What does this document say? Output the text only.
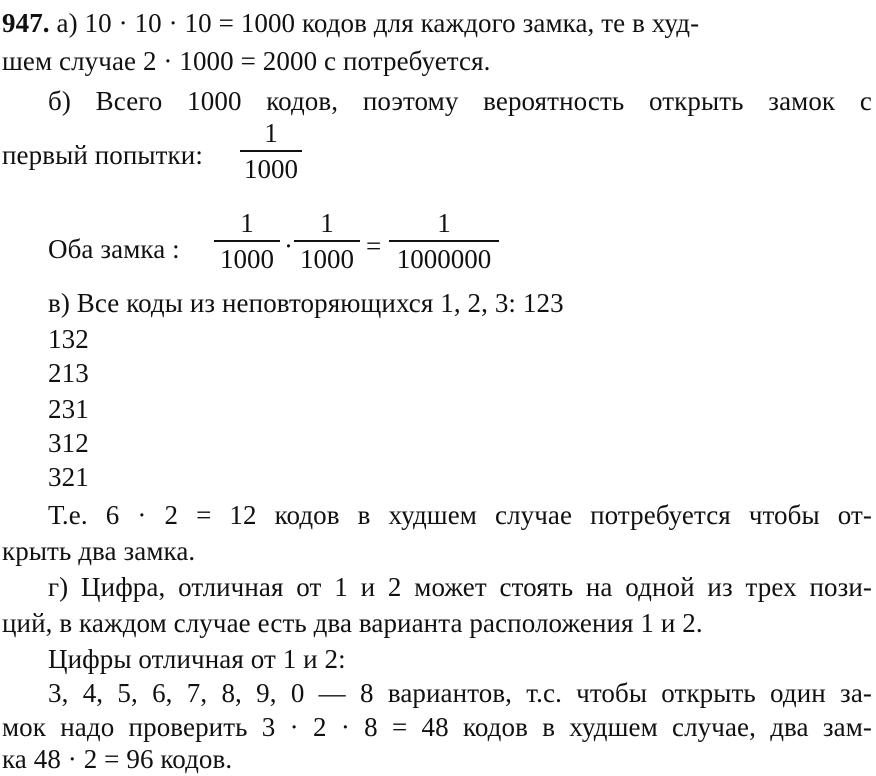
947. а) 10 · 10 · 10 = 1000 кодов для каждого замка, те в худ-
шем случае 2 · 1000 = 2000 с потребуется.
б) Всего 1000 кодов, поэтому вероятность открыть замок с
первый попытки:
1
1000
Оба замка :
1
1000 ·
1
1000 =
1
1000000
в) Все коды из неповторяющихся 1, 2, 3: 123
132
213
231
312
321
Т.е. 6 · 2 = 12 кодов в худшем случае потребуется чтобы от-
крыть два замка.
г) Цифра, отличная от 1 и 2 может стоять на одной из трех пози-
ций, в каждом случае есть два варианта расположения 1 и 2.
Цифры отличная от 1 и 2:
3, 4, 5, 6, 7, 8, 9, 0 — 8 вариантов, т.с. чтобы открыть один за-
мок надо проверить 3 · 2 · 8 = 48 кодов в худшем случае, два зам-
ка 48 · 2 = 96 кодов.
